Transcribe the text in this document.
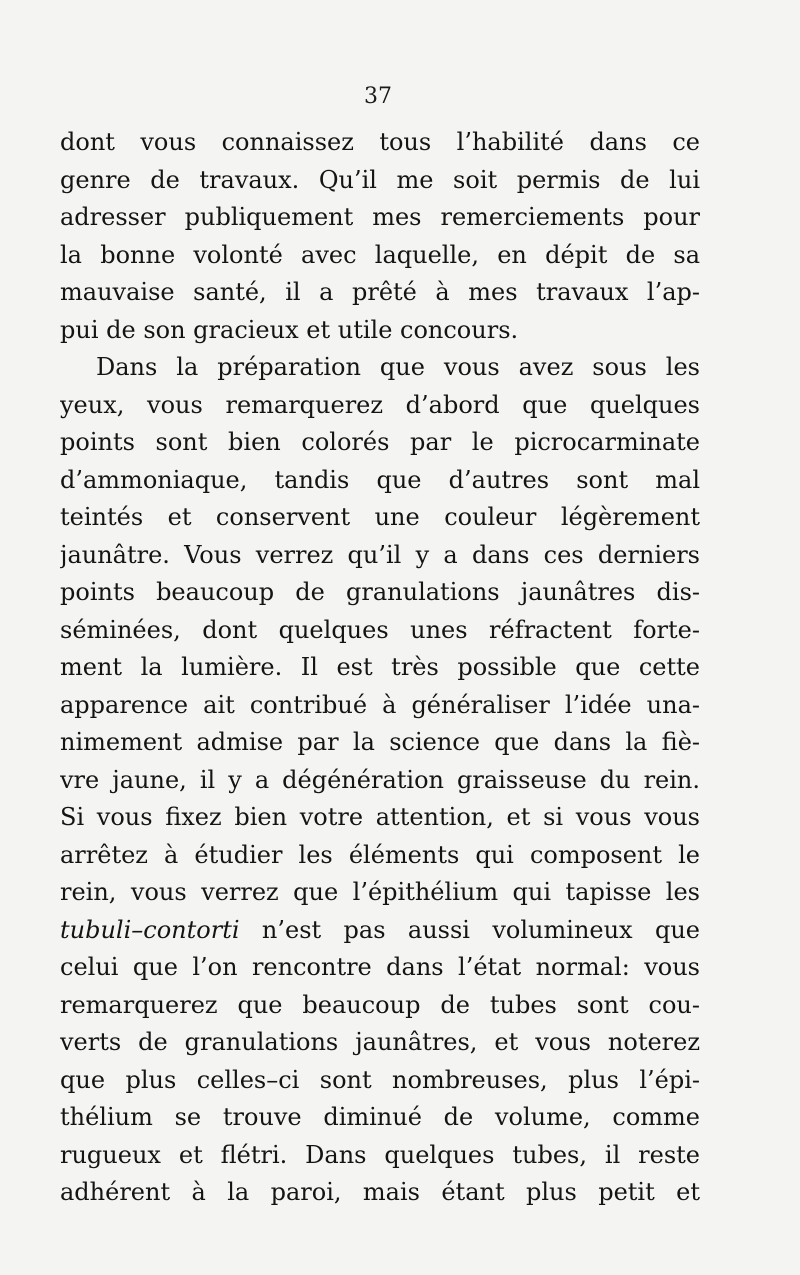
37
dont vous connaissez tous l’habilité dans ce
genre de travaux. Qu’il me soit permis de lui
adresser publiquement mes remerciements pour
la bonne volonté avec laquelle, en dépit de sa
mauvaise santé, il a prêté à mes travaux l’ap-
pui de son gracieux et utile concours.
Dans la préparation que vous avez sous les
yeux, vous remarquerez d’abord que quelques
points sont bien colorés par le picrocarminate
d’ammoniaque, tandis que d’autres sont mal
teintés et conservent une couleur légèrement
jaunâtre. Vous verrez qu’il y a dans ces derniers
points beaucoup de granulations jaunâtres dis-
séminées, dont quelques unes réfractent forte-
ment la lumière. Il est très possible que cette
apparence ait contribué à généraliser l’idée una-
nimement admise par la science que dans la fiè-
vre jaune, il y a dégénération graisseuse du rein.
Si vous fixez bien votre attention, et si vous vous
arrêtez à étudier les éléments qui composent le
rein, vous verrez que l’épithélium qui tapisse les
tubuli–contorti n’est pas aussi volumineux que
celui que l’on rencontre dans l’état normal: vous
remarquerez que beaucoup de tubes sont cou-
verts de granulations jaunâtres, et vous noterez
que plus celles–ci sont nombreuses, plus l’épi-
thélium se trouve diminué de volume, comme
rugueux et flétri. Dans quelques tubes, il reste
adhérent à la paroi, mais étant plus petit et
